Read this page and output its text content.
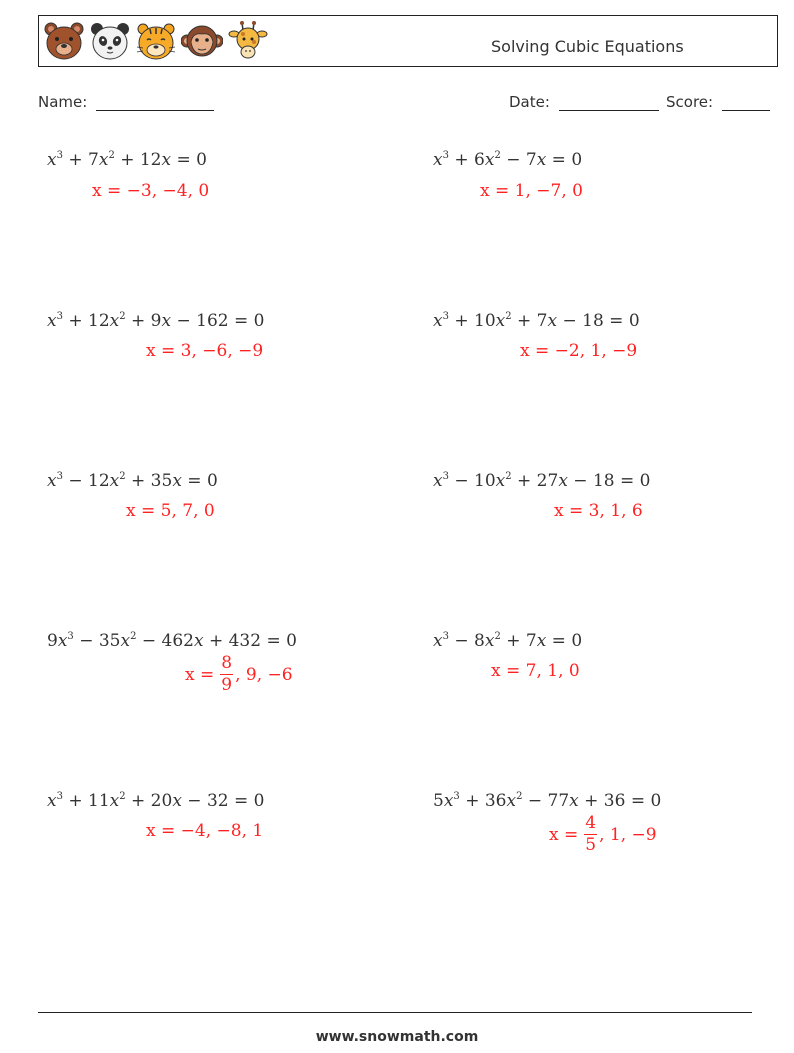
Solving Cubic Equations
Name:	Date:	Score:
$x^3 + 7x^2 + 12x = 0$
x = −3, −4, 0
$x^3 + 6x^2 - 7x = 0$
x = 1, −7, 0
$x^3 + 12x^2 + 9x - 162 = 0$
x = 3, −6, −9
$x^3 + 10x^2 + 7x - 18 = 0$
x = −2, 1, −9
$x^3 - 12x^2 + 35x = 0$
x = 5, 7, 0
$x^3 - 10x^2 + 27x - 18 = 0$
x = 3, 1, 6
$9x^3 - 35x^2 - 462x + 432 = 0$
$x = \frac{8}{9}$ , 9, −6
$x^3 - 8x^2 + 7x = 0$
x = 7, 1, 0
$x^3 + 11x^2 + 20x - 32 = 0$
x = −4, −8, 1
$5x^3 + 36x^2 - 77x + 36 = 0$
$x = \frac{4}{5}$ , 1, −9
www.snowmath.com
